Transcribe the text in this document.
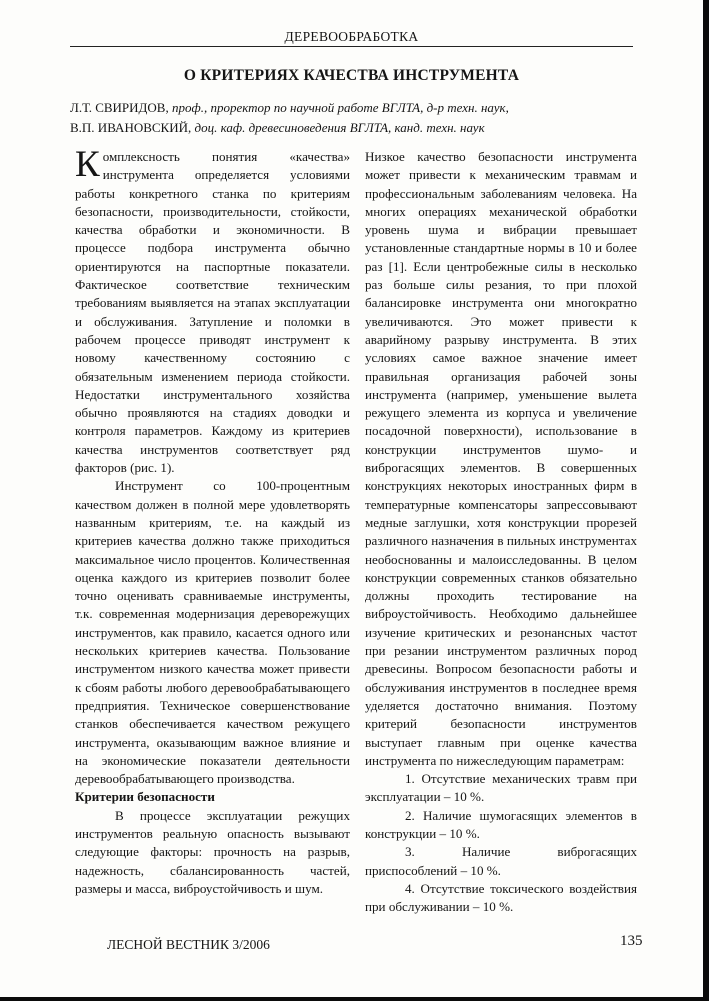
ДЕРЕВООБРАБОТКА
О КРИТЕРИЯХ КАЧЕСТВА ИНСТРУМЕНТА
Л.Т. СВИРИДОВ, проф., проректор по научной работе ВГЛТА, д-р техн. наук,
В.П. ИВАНОВСКИЙ, доц. каф. древесиноведения ВГЛТА, канд. техн. наук

Комплексность понятия «качества» инструмента определяется условиями работы конкретного станка по критериям безопасности, производительности, стойкости, качества обработки и экономичности. В процессе подбора инструмента обычно ориентируются на паспортные показатели. Фактическое соответствие техническим требованиям выявляется на этапах эксплуатации и обслуживания. Затупление и поломки в рабочем процессе приводят инструмент к новому качественному состоянию с обязательным изменением периода стойкости. Недостатки инструментального хозяйства обычно проявляются на стадиях доводки и контроля параметров. Каждому из критериев качества инструментов соответствует ряд факторов (рис. 1).

Инструмент со 100-процентным качеством должен в полной мере удовлетворять названным критериям, т.е. на каждый из критериев качества должно также приходиться максимальное число процентов. Количественная оценка каждого из критериев позволит более точно оценивать сравниваемые инструменты, т.к. современная модернизация дереворежущих инструментов, как правило, касается одного или нескольких критериев качества. Пользование инструментом низкого качества может привести к сбоям работы любого деревообрабатывающего предприятия. Техническое совершенствование станков обеспечивается качеством режущего инструмента, оказывающим важное влияние и на экономические показатели деятельности деревообрабатывающего производства.

Критерии безопасности

В процессе эксплуатации режущих инструментов реальную опасность вызывают следующие факторы: прочность на разрыв, надежность, сбалансированность частей, размеры и масса, виброустойчивость и шум.

Низкое качество безопасности инструмента может привести к механическим травмам и профессиональным заболеваниям человека. На многих операциях механической обработки уровень шума и вибрации превышает установленные стандартные нормы в 10 и более раз [1]. Если центробежные силы в несколько раз больше силы резания, то при плохой балансировке инструмента они многократно увеличиваются. Это может привести к аварийному разрыву инструмента. В этих условиях самое важное значение имеет правильная организация рабочей зоны инструмента (например, уменьшение вылета режущего элемента из корпуса и увеличение посадочной поверхности), использование в конструкции инструментов шумо- и виброгасящих элементов. В совершенных конструкциях некоторых иностранных фирм в температурные компенсаторы запрессовывают медные заглушки, хотя конструкции прорезей различного назначения в пильных инструментах необоснованны и малоисследованны. В целом конструкции современных станков обязательно должны проходить тестирование на виброустойчивость. Необходимо дальнейшее изучение критических и резонансных частот при резании инструментом различных пород древесины. Вопросом безопасности работы и обслуживания инструментов в последнее время уделяется достаточно внимания. Поэтому критерий безопасности инструментов выступает главным при оценке качества инструмента по нижеследующим параметрам:

1. Отсутствие механических травм при эксплуатации – 10 %.

2. Наличие шумогасящих элементов в конструкции – 10 %.

3. Наличие виброгасящих приспособлений – 10 %.

4. Отсутствие токсического воздействия при обслуживании – 10 %.

ЛЕСНОЙ ВЕСТНИК 3/2006	135
